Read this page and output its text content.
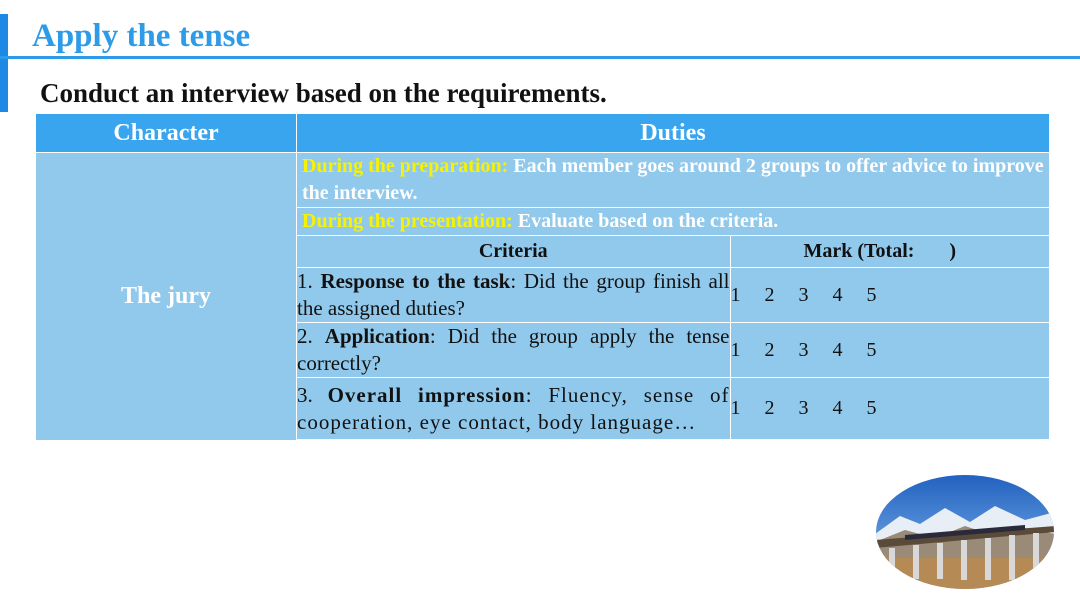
Apply the tense
Conduct an interview based on the requirements.
Character	Duties
The jury	
During the preparation: Each member goes around 2 groups to offer advice to improve the interview.
During the presentation: Evaluate based on the criteria.
Criteria	Mark (Total:       )
1. Response to the task: Did the group finish all the assigned duties?	1 2 3 4 5
2. Application: Did the group apply the tense correctly?	1 2 3 4 5
3. Overall impression: Fluency, sense of cooperation, eye contact, body language…	1 2 3 4 5
